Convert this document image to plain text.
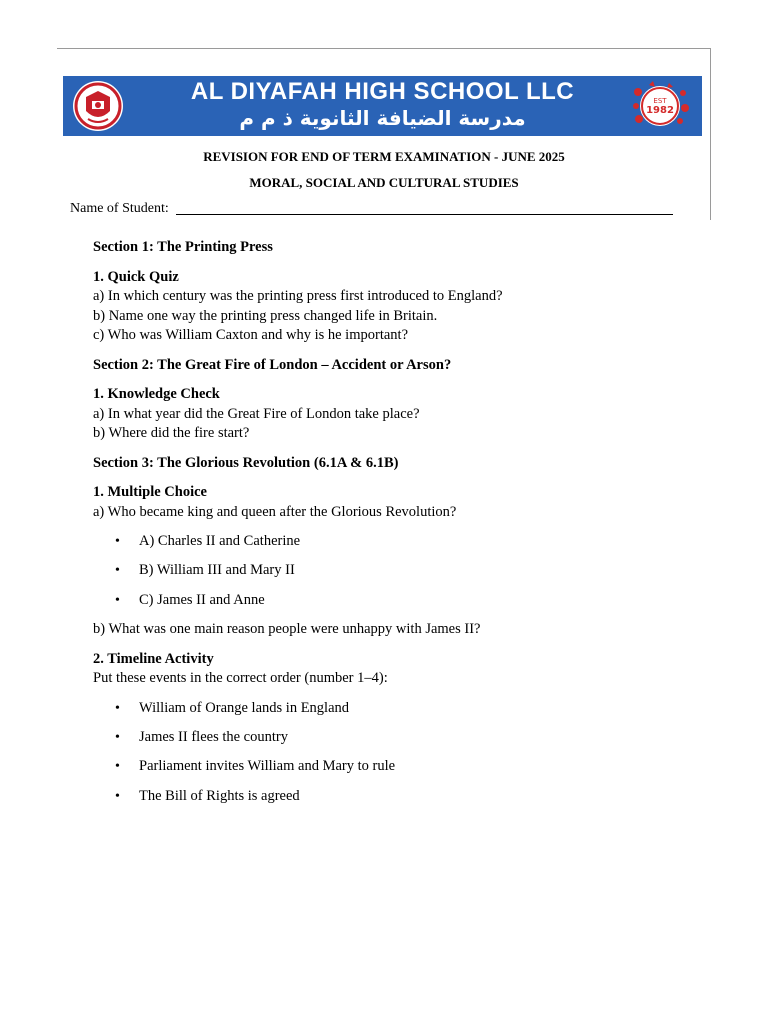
AL DIYAFAH HIGH SCHOOL LLC
مدرسة الضيافة الثانوية ذ م م
EST
1982
REVISION FOR END OF TERM EXAMINATION - JUNE 2025
MORAL, SOCIAL AND CULTURAL STUDIES
Name of Student:

Section 1: The Printing Press

1. Quick Quiz

a) In which century was the printing press first introduced to England?

b) Name one way the printing press changed life in Britain.

c) Who was William Caxton and why is he important?

Section 2: The Great Fire of London – Accident or Arson?

1. Knowledge Check

a) In what year did the Great Fire of London take place?

b) Where did the fire start?

Section 3: The Glorious Revolution (6.1A & 6.1B)

1. Multiple Choice

a) Who became king and queen after the Glorious Revolution?

• A) Charles II and Catherine
• B) William III and Mary II
• C) James II and Anne

b) What was one main reason people were unhappy with James II?

2. Timeline Activity

Put these events in the correct order (number 1–4):

• William of Orange lands in England
• James II flees the country
• Parliament invites William and Mary to rule
• The Bill of Rights is agreed
